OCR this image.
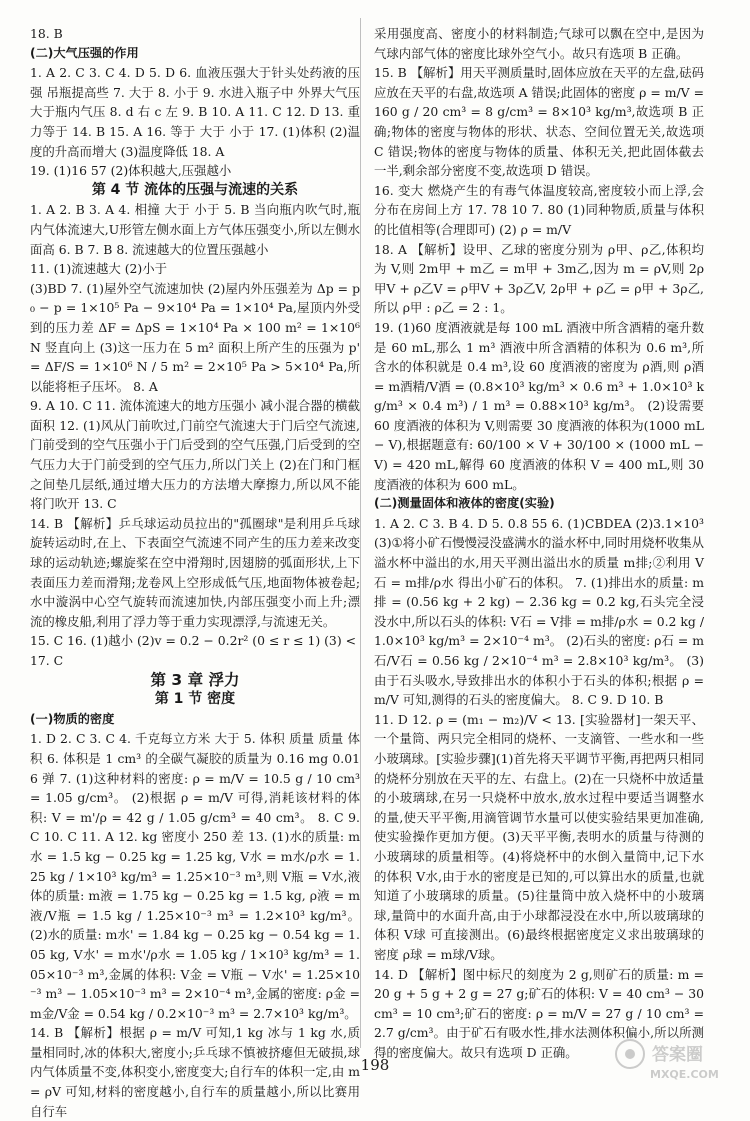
18. B

(二)大气压强的作用

1. A 2. C 3. C 4. D 5. D 6. 血液压强大于针头处药液的压强 吊瓶提高些 7. 大于 8. 小于 9. 水进入瓶子中 外界大气压大于瓶内气压 8. d 右 c 左 9. B 10. A 11. C 12. D 13. 重力等于 14. B 15. A 16. 等于 大于 小于 17. (1)体积 (2)温度的升高而增大 (3)温度降低 18. A

19. (1)16 57 (2)体积越大,压强越小

第 4 节 流体的压强与流速的关系

1. A 2. B 3. A 4. 相撞 大于 小于 5. B 当向瓶内吹气时,瓶内气体流速大,U形管左侧水面上方气体压强变小,所以左侧水面高 6. B 7. B 8. 流速越大的位置压强越小

11. (1)流速越大 (2)小于

(3)BD 7. (1)屋外空气流速加快 (2)屋内外压强差为 Δp = p₀ − p = 1×10⁵ Pa − 9×10⁴ Pa = 1×10⁴ Pa,屋顶内外受到的压力差 ΔF = ΔpS = 1×10⁴ Pa × 100 m² = 1×10⁶ N 竖直向上 (3)这一压力在 5 m² 面积上所产生的压强为 p' = ΔF/S = 1×10⁶ N / 5 m² = 2×10⁵ Pa > 5×10⁴ Pa,所以能将柜子压坏。 8. A

9. A 10. C 11. 流体流速大的地方压强小 减小混合器的横截面积 12. (1)风从门前吹过,门前空气流速大于门后空气流速,门前受到的空气压强小于门后受到的空气压强,门后受到的空气压力大于门前受到的空气压力,所以门关上 (2)在门和门框之间垫几层纸,通过增大压力的方法增大摩擦力,所以风不能将门吹开 13. C

14. B 【解析】乒乓球运动员拉出的"孤圈球"是利用乒乓球旋转运动时,在上、下表面空气流速不同产生的压力差来改变球的运动轨迹;螺旋桨在空中滑翔时,因翅膀的弧面形状,上下表面压力差而滑翔;龙卷风上空形成低气压,地面物体被卷起;水中漩涡中心空气旋转而流速加快,内部压强变小而上升;漂流的橡皮船,利用了浮力等于重力实现漂浮,与流速无关。

15. C 16. (1)越小 (2)v = 0.2 − 0.2r² (0 ≤ r ≤ 1) (3) <

17. C

第 3 章 浮力

第 1 节 密度

(一)物质的密度

1. D 2. C 3. C 4. 千克每立方米 大于 5. 体积 质量 质量 体积 6. 体积是 1 cm³ 的全碳气凝胶的质量为 0.16 mg 0.016 弹 7. (1)这种材料的密度: ρ = m/V = 10.5 g / 10 cm³ = 1.05 g/cm³。 (2)根据 ρ = m/V 可得,消耗该材料的体积: V = m'/ρ = 42 g / 1.05 g/cm³ = 40 cm³。 8. C 9. C 10. C 11. A 12. kg 密度小 250 差 13. (1)水的质量: m水 = 1.5 kg − 0.25 kg = 1.25 kg, V水 = m水/ρ水 = 1.25 kg / 1×10³ kg/m³ = 1.25×10⁻³ m³,则 V瓶 = V水,液体的质量: m液 = 1.75 kg − 0.25 kg = 1.5 kg, ρ液 = m液/V瓶 = 1.5 kg / 1.25×10⁻³ m³ = 1.2×10³ kg/m³。 (2)水的质量: m水' = 1.84 kg − 0.25 kg − 0.54 kg = 1.05 kg, V水' = m水'/ρ水 = 1.05 kg / 1×10³ kg/m³ = 1.05×10⁻³ m³,金属的体积: V金 = V瓶 − V水' = 1.25×10⁻³ m³ − 1.05×10⁻³ m³ = 2×10⁻⁴ m³,金属的密度: ρ金 = m金/V金 = 0.54 kg / 0.2×10⁻³ m³ = 2.7×10³ kg/m³。

14. B 【解析】根据 ρ = m/V 可知,1 kg 冰与 1 kg 水,质量相同时,冰的体积大,密度小;乒乓球不慎被挤瘪但无破损,球内气体质量不变,体积变小,密度变大;自行车的体积一定,由 m = ρV 可知,材料的密度越小,自行车的质量越小,所以比赛用自行车

采用强度高、密度小的材料制造;气球可以飘在空中,是因为气球内部气体的密度比球外空气小。故只有选项 B 正确。

15. B 【解析】用天平测质量时,固体应放在天平的左盘,砝码应放在天平的右盘,故选项 A 错误;此固体的密度 ρ = m/V = 160 g / 20 cm³ = 8 g/cm³ = 8×10³ kg/m³,故选项 B 正确;物体的密度与物体的形状、状态、空间位置无关,故选项 C 错误;物体的密度与物体的质量、体积无关,把此固体截去一半,剩余部分密度不变,故选项 D 错误。

16. 变大 燃烧产生的有毒气体温度较高,密度较小而上浮,会分布在房间上方 17. 78 10 7. 80 (1)同种物质,质量与体积的比值相等(合理即可) (2) ρ = m/V

18. A 【解析】设甲、乙球的密度分别为 ρ甲、ρ乙,体积均为 V,则 2m甲 + m乙 = m甲 + 3m乙,因为 m = ρV,则 2ρ甲V + ρ乙V = ρ甲V + 3ρ乙V, 2ρ甲 + ρ乙 = ρ甲 + 3ρ乙,所以 ρ甲 : ρ乙 = 2 : 1。

19. (1)60 度酒液就是每 100 mL 酒液中所含酒精的毫升数是 60 mL,那么 1 m³ 酒液中所含酒精的体积为 0.6 m³,所含水的体积就是 0.4 m³,设 60 度酒液的密度为 ρ酒,则 ρ酒 = m酒精/V酒 = (0.8×10³ kg/m³ × 0.6 m³ + 1.0×10³ kg/m³ × 0.4 m³) / 1 m³ = 0.88×10³ kg/m³。 (2)设需要 60 度酒液的体积为 V,则需要 30 度酒液的体积为(1000 mL − V),根据题意有: 60/100 × V + 30/100 × (1000 mL − V) = 420 mL,解得 60 度酒液的体积 V = 400 mL,则 30 度酒液的体积为 600 mL。

(二)测量固体和液体的密度(实验)

1. A 2. C 3. B 4. D 5. 0.8 55 6. (1)CBDEA (2)3.1×10³ (3)①将小矿石慢慢浸没盛满水的溢水杯中,同时用烧杯收集从溢水杯中溢出的水,用天平测出溢出水的质量 m排;②利用 V石 = m排/ρ水 得出小矿石的体积。 7. (1)排出水的质量: m排 = (0.56 kg + 2 kg) − 2.36 kg = 0.2 kg,石头完全浸没水中,所以石头的体积: V石 = V排 = m排/ρ水 = 0.2 kg / 1.0×10³ kg/m³ = 2×10⁻⁴ m³。 (2)石头的密度: ρ石 = m石/V石 = 0.56 kg / 2×10⁻⁴ m³ = 2.8×10³ kg/m³。 (3)由于石头吸水,导致排出水的体积小于石头的体积;根据 ρ = m/V 可知,测得的石头的密度偏大。 8. C 9. D 10. B

11. D 12. ρ = (m₁ − m₂)/V < 13. [实验器材]一架天平、一个量筒、两只完全相同的烧杯、一支滴管、一些水和一些小玻璃球。[实验步骤](1)首先将天平调节平衡,再把两只相同的烧杯分别放在天平的左、右盘上。(2)在一只烧杯中放适量的小玻璃球,在另一只烧杯中放水,放水过程中要适当调整水的量,使天平平衡,用滴管调节水量可以使实验结果更加准确,使实验操作更加方便。(3)天平平衡,表明水的质量与待测的小玻璃球的质量相等。(4)将烧杯中的水倒入量筒中,记下水的体积 V水,由于水的密度是已知的,可以算出水的质量,也就知道了小玻璃球的质量。(5)往量筒中放入烧杯中的小玻璃球,量筒中的水面升高,由于小球都浸没在水中,所以玻璃球的体积 V球 可直接测出。(6)最终根据密度定义求出玻璃球的密度 ρ球 = m球/V球。

14. D 【解析】图中标尺的刻度为 2 g,则矿石的质量: m = 20 g + 5 g + 2 g = 27 g;矿石的体积: V = 40 cm³ − 30 cm³ = 10 cm³;矿石的密度: ρ = m/V = 27 g / 10 cm³ = 2.7 g/cm³。由于矿石有吸水性,排水法测体积偏小,所以所测得的密度偏大。故只有选项 D 正确。

198	答案圈
MXQE.COM
